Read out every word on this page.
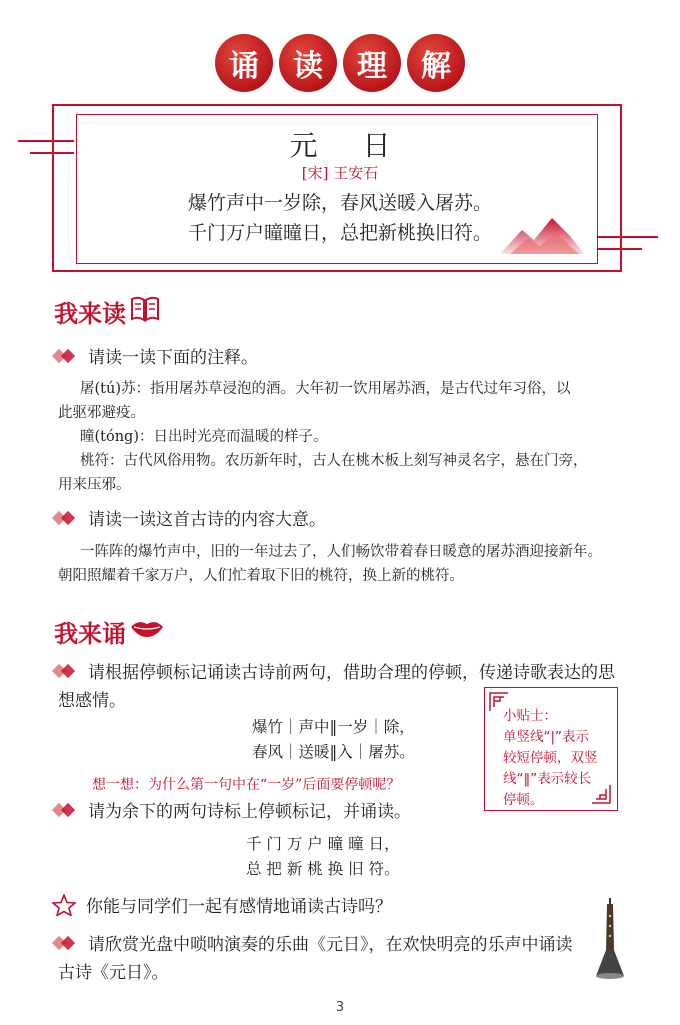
诵	读	理	解
元 日
[宋] 王安石
爆竹声中一岁除，春风送暖入屠苏。
千门万户曈曈日，总把新桃换旧符。
我来读
请读一读下面的注释。
屠(tú)苏：指用屠苏草浸泡的酒。大年初一饮用屠苏酒，是古代过年习俗，以
此驱邪避疫。
曈(tóng)：日出时光亮而温暖的样子。
桃符：古代风俗用物。农历新年时，古人在桃木板上刻写神灵名字，悬在门旁，
用来压邪。
请读一读这首古诗的内容大意。
一阵阵的爆竹声中，旧的一年过去了，人们畅饮带着春日暖意的屠苏酒迎接新年。
朝阳照耀着千家万户，人们忙着取下旧的桃符，换上新的桃符。
我来诵
请根据停顿标记诵读古诗前两句，借助合理的停顿，传递诗歌表达的思
想感情。
爆竹｜声中‖一岁｜除，
春风｜送暖‖入｜屠苏。
小贴士：
单竖线“|”表示
较短停顿，双竖
线“‖”表示较长
停顿。
想一想：为什么第一句中在“一岁”后面要停顿呢？
请为余下的两句诗标上停顿标记，并诵读。
千 门 万 户 曈 曈 日，
总 把 新 桃 换 旧 符。
你能与同学们一起有感情地诵读古诗吗？
请欣赏光盘中唢呐演奏的乐曲《元日》，在欢快明亮的乐声中诵读
古诗《元日》。
3
